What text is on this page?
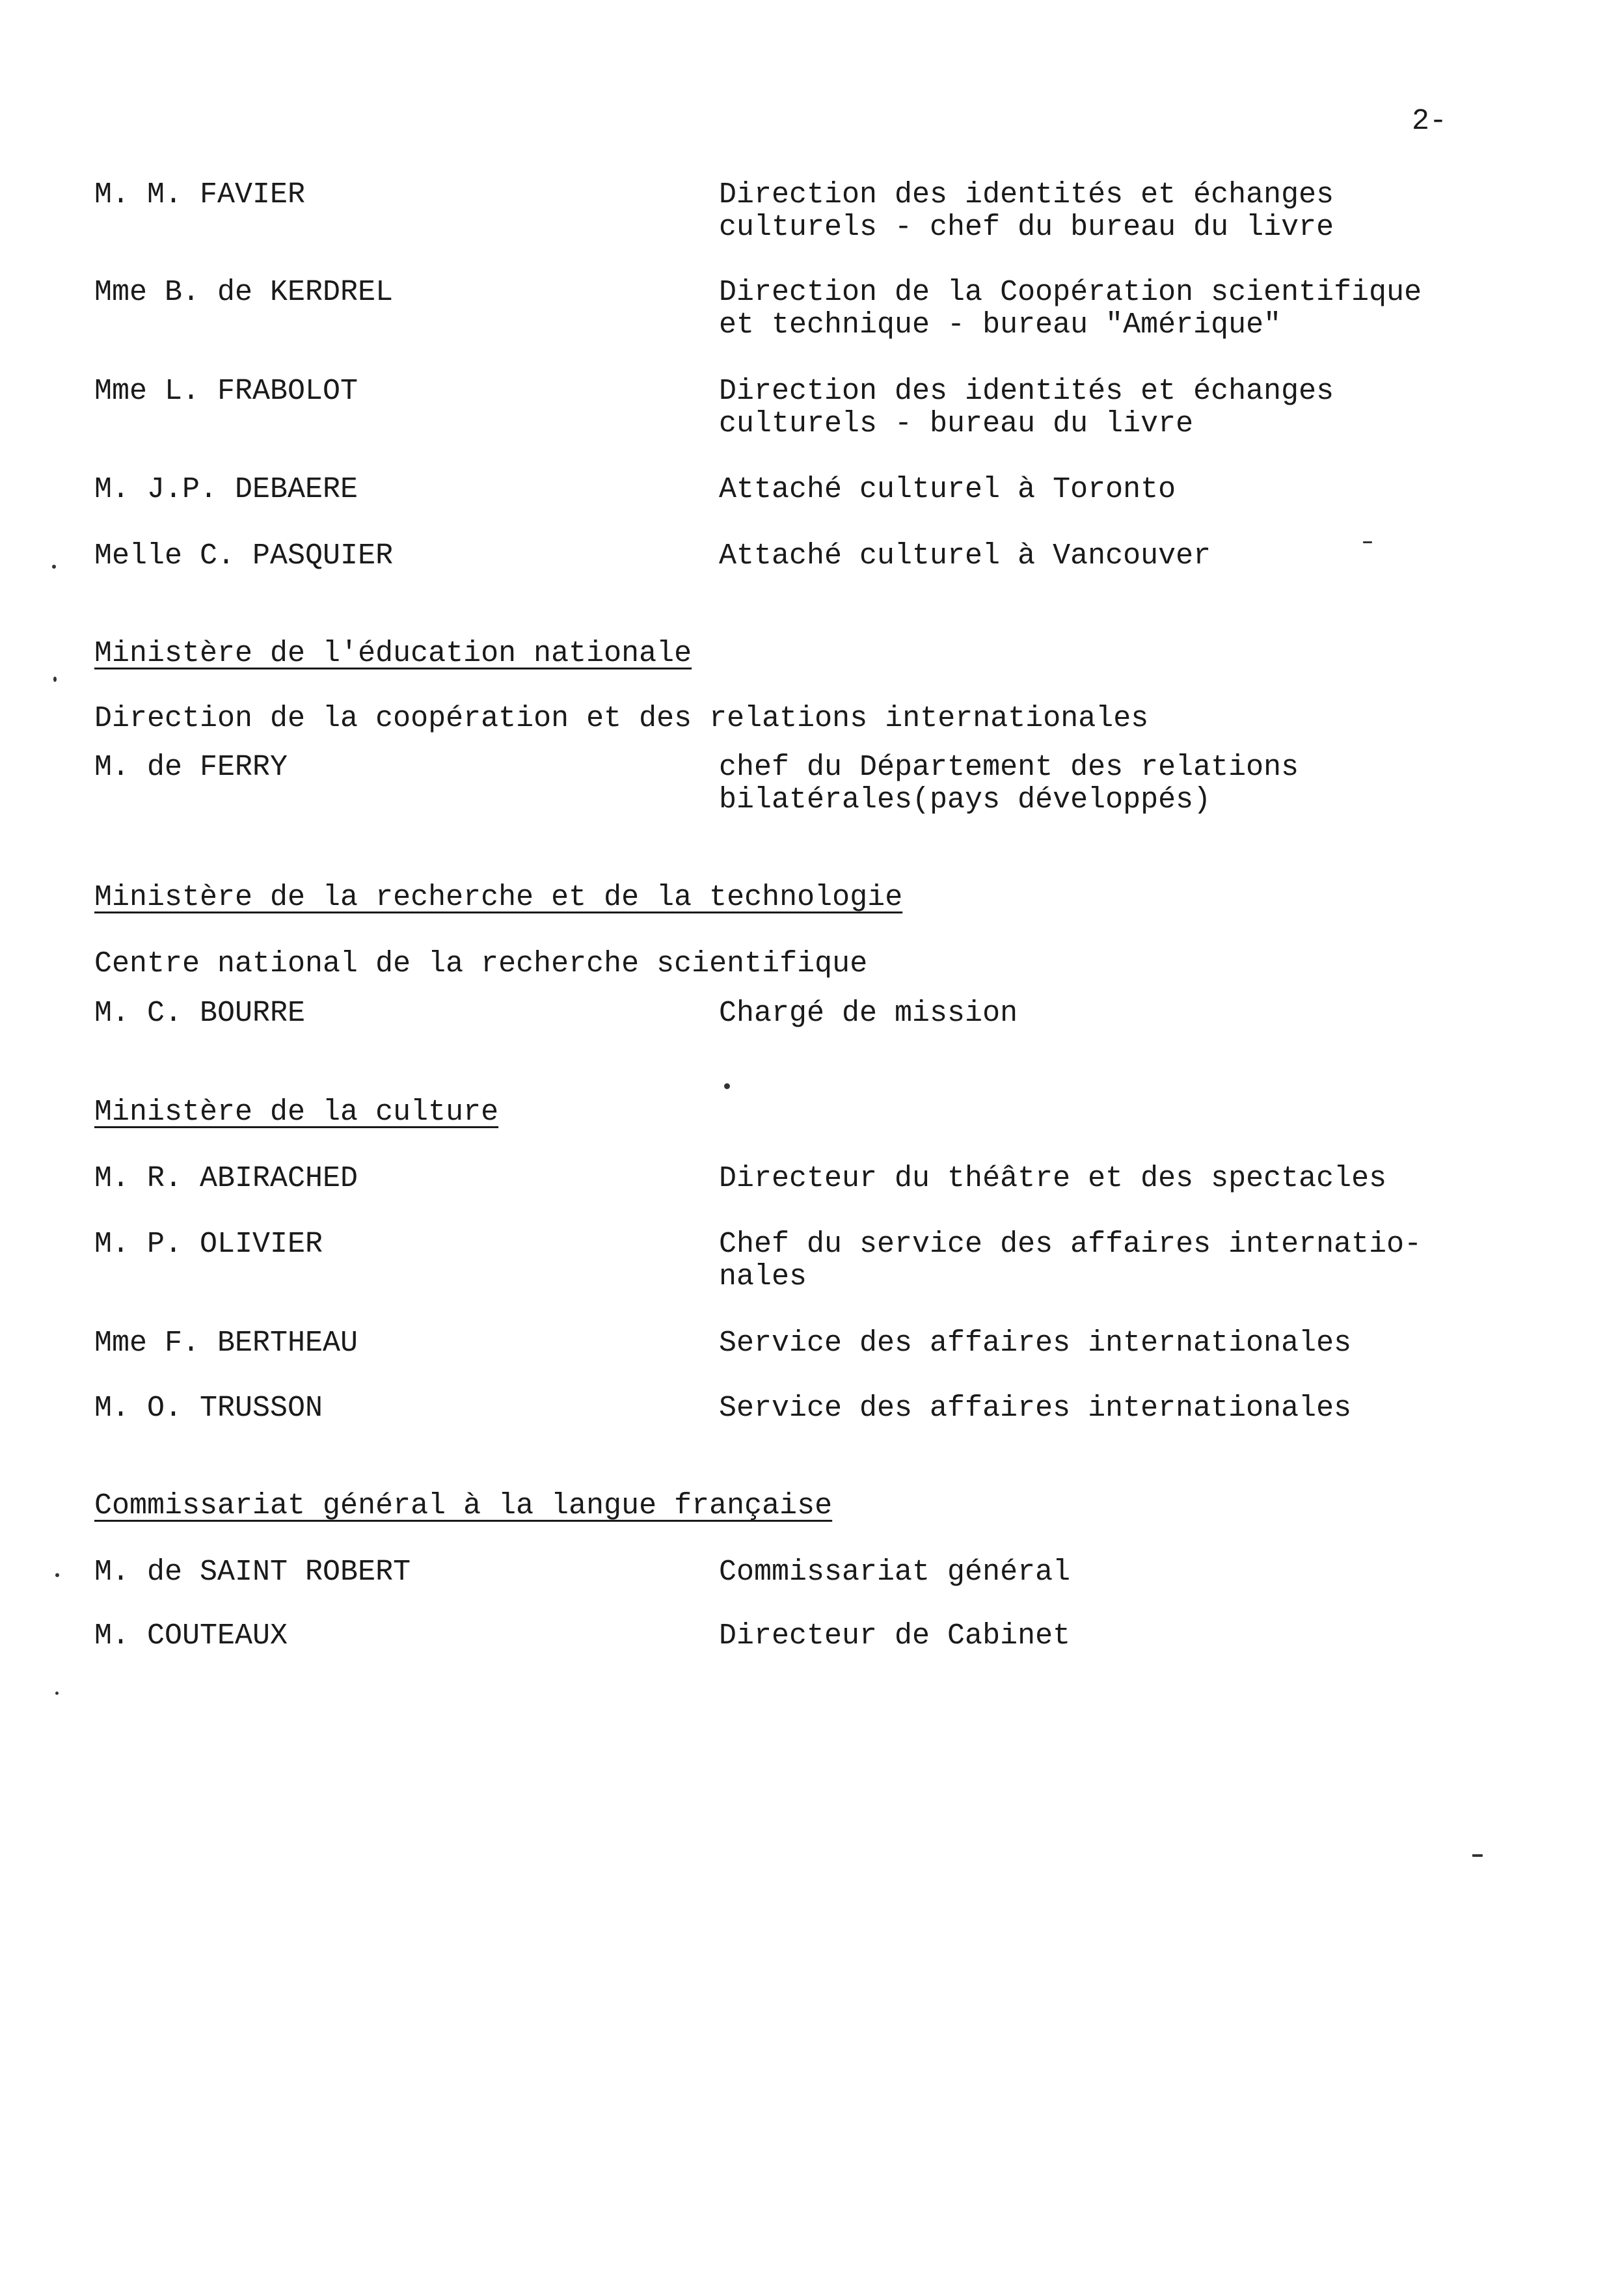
2-
M. M. FAVIER	Direction des identités et échanges
culturels - chef du bureau du livre
Mme B. de KERDREL	Direction de la Coopération scientifique
et technique - bureau "Amérique"
Mme L. FRABOLOT	Direction des identités et échanges
culturels - bureau du livre
M. J.P. DEBAERE	Attaché culturel à Toronto
Melle C. PASQUIER	Attaché culturel à Vancouver
Ministère de l'éducation nationale
Direction de la coopération et des relations internationales
M. de FERRY	chef du Département des relations
bilatérales(pays développés)
Ministère de la recherche et de la technologie
Centre national de la recherche scientifique
M. C. BOURRE	Chargé de mission
Ministère de la culture
M. R. ABIRACHED	Directeur du théâtre et des spectacles
M. P. OLIVIER	Chef du service des affaires internatio-
nales
Mme F. BERTHEAU	Service des affaires internationales
M. O. TRUSSON	Service des affaires internationales
Commissariat général à la langue française
M. de SAINT ROBERT	Commissariat général
M. COUTEAUX	Directeur de Cabinet
